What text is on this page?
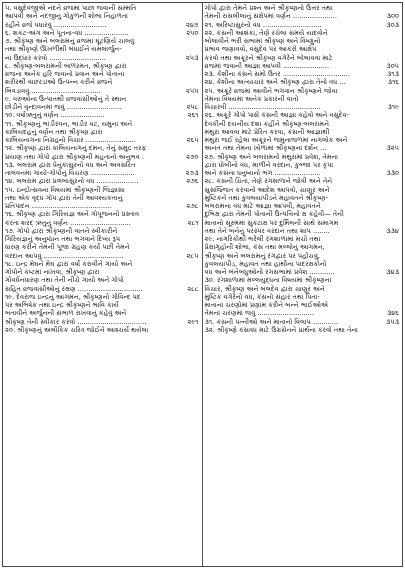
૫. વસુદેવજીએ નંદને વ્રજમાં પાછા જવાની સમ્મતિ
આપવી અને નંદજીનું ગોકુળની શોભા નિહાળતા
રહીને વ્રજે પધારવું .........................	૨૪૭
૬. શકટ-અંગ અને પૂતના-વધ .....................	૨૫૦
૭. શ્રીકૃષ્ણ અને બલરામનું વ્રજમાં ઘૂંટણિયે ચાલવું
તથા શ્રીકૃષ્ણે ઊખળીથી બંધાઈને યમલાર્જુન-
ના ઉદ્ધાર કરવો ...........................	૨૫૩
૮. શ્રીકૃષ્ણ-બલરામની બાળરમત, શ્રીકૃષ્ણ દ્વારા
વ્રજના અનેક હરિ જવાનો પ્રવાન અને પોતાના
શરીરથી વાછરડાંઓ ઉત્પન્ન કરીને વ્રજને
બિવડાવવું .................................	૨૫૫
૯. વરુઓના ઉત્પાતથી વ્રજવાસીઓનું તે સ્થાન
છોડીને વૃન્દાવનમાં જવું ..........................	૨૫૮
૧૦. વર્ષાઋતુનું વર્ણન .....................	૨૬૧
૧૧. શ્રીકૃષ્ણનું ભાંડીરવન, ભાંડીર વટ, યમુના અને
કાલિયદહનું વર્ણન તથા શ્રીકૃષ્ણ દ્વારા
કાલિયનાગના નિગ્રહનો વિચાર ........................	૨૬૫
૧૨. શ્રીકૃષ્ણ દ્વારા કાલિયનાગનું દમન, તેનું સમુદ્ર તરફ
પ્રયાણ તથા ગોપો દ્વારા શ્રીકૃષ્ણની મહતાનો અનુભવ .	૨૭૦
૧૩. બલરામ દ્વારા ધેનુકાસુરનો વધ અને અવસરિત
તાલવનમાં ગાયો-ગોપોનું વિચરણ .....................	૨૭૩
૧૪. બલરામ દ્વારા પ્રલંબાસુરનો વધ ....................	૨૭૬
૧૫. ઇન્દ્રોત્સવના વિષયમાં શ્રીકૃષ્ણની જિજ્ઞાસા
તથા એક વૃદ્ધ ગોપ દ્વારા તેની આવશ્યકતાનું
પ્રતિપાદન ......................................	૨૭૮
૧૬. શ્રીકૃષ્ણ દ્વારા ગિરિયજ્ઞ અને ગોપૂજનનો પ્રસ્તાવ
કરતા શરદ્ ઋતુનું વર્ણન .............................	૨૮૧
૧૭. ગોપો દ્વારા શ્રીકૃષ્ણની વાતને સ્વીકારીને
ગિરિયજ્ઞનું અનુષ્ઠાન તથા ભગવાને દિવ્ય રૂપ
ધારણ કરીને તેમની પૂજા ગ્રહણ કર્યા પછી તેમને
વરદાન આપવું ......................................	૨૮૫
૧૮. ઇન્દ્ર મેઘને મેઘ દ્વારા વર્ષા કરાવીને ગાયો અને
ગોપોને કષ્ટમાં નાખવા, શ્રીકૃષ્ણ દ્વારા
ગોવર્ધનધારણ તથા તેની નીચે ગાયો અને ગોપો
સહિત વ્રજવાસીઓનું રક્ષણ ...............................	૨૮૮
૧૯. દેવરાજ ઇન્દ્રનું આગમન, શ્રીકૃષ્ણનો ગોવિન્દ પદ
પર અભિષેક તથા ઇન્દ્ર શ્રીકૃષ્ણને ભાવિ કાર્ય
બતાવીને અર્જુનની સંભાળ રાખવાનું કહેવું અને
શ્રીકૃષ્ણ તેની સ્વીકાર કરવો .................................	૨૯૧
૨૦. શ્રીકૃષ્ણનું અલૌકિક ચરિત્ર જોઈને આશ્ચર્ય થયેલા
ગોપો દ્વારા તેમને પ્રશ્ન અને શ્રીકૃષ્ણનો ઉત્તર તથા
તેમની રાસલીલાનું સંક્ષેપમાં વર્ણન .....................	૩૦૦
૨૧. અરિષ્ટાસુરનો વધ ............................	૩૦૩
૨૨. કંસની આશંકા, તેણે રચેલા સમયે યાદવોને
બોલાવીને ભરી સભામાં શ્રીકૃષ્ણ અને વિષ્ણુનો
પ્રભાવ જણાવવો, વસુદેવ પર આકરો આક્ષેપ
કરવો તથા અક્રૂરને શ્રીકૃષ્ણ વગેરેને બોલાવવા માટે
વ્રજમાં જવાની આજ્ઞા આપવી ......................	૩૦૫
૨૩. કેશીના કંસને સમો ઉતર ................................	૩૧૩
૨૪. કેશીના અત્યાચાર અને શ્રીકૃષ્ણ દ્વારા તેનો વધ ...	૩૧૬
૨૫. અક્રૂરે વ્રજમાં આવીને ભગવાન શ્રીકૃષ્ણને જોવા
તેમના વિષયમાં અનેક પ્રકારની વાતો
વિચારવી ............................................	૩૧૯
૨૬. અક્રૂરે ગોપો પાસે કંસની આજ્ઞા કહેવો અને વસુદેવ-
દેવકીની દયનીય દશા કહીને શ્રીકૃષ્ણ-બલરામને
મથુરા આવવા માટે પ્રેરિત કરવા, કંસની આજ્ઞાથી
મથુરા જઈ રહેલા અક્રૂરને જમુનાજળમાં નાગલોક અને
અનંત તથા તેમના ખોળામાં શ્રીકૃષ્ણનાં દર્શન ...	૩૨૫
૨૭. શ્રીકૃષ્ણ અને બલરામનો મથુરામાં પ્રવેશ, તેમના
દ્વારા ધોબીનો વધ, માળીને વરદાન, કુબ્જા પર કૃપા
અને કંસના ધનુષ્યનો ભંગ ......................	૩૩૦
૨૮. કંસની ચિંતા, તેણે રંગશાળાને જોવી અને તેને
સુસજ્જિત કરવાનો આદેશ આપવો, ચાણૂર અને
મુષ્ટિકને તથા કુવલયાપીડને મહાવતને શ્રીકૃષ્ણ-
બલરામના વધ માટે આજ્ઞા આપવી, મહાવતને
દુભિક્ષ દ્વારા તેમની પોતાની ઉત્પત્તિનો ક્ષ કહેવી— તેની
માતાનો સૂક્ષ્મમાં સુકટાક્ષ પર દુર્મિલની સાથે સમાગમ
તથા તેને બનેનું પરસ્પર વરદાન તથા શાપ ........	૩૩૪
૨૯. નાગરિકોથી ભરેલી રંગશાળામાં મંચો તથા
પ્રેક્ષાગૃહોની શોભા, કંસ તથા મલ્લોનું આગમન,
શ્રીકૃષ્ણ અને બલરામનું રંગદ્વાર પર પહોંચવું,
કુવલયાપીડ, મહાવત તથા હાથીના પાદરક્ષકોનો
વધ અને બંનેબંધુઓનો રંગસભામાં પ્રવેશ ............	૩૪૩
૩૦. રંગશાળામાં મલ્લયુદ્ધના વિષયમાં શ્રીકૃષ્ણના
વિચાર, શ્રીકૃષ્ણ અને બલદેવ દ્વારા ચાણૂર અને
મુષ્ટિક વગેરેનો વધ, કંસનો સંહાર તથા પિતા-
માતાનાં ચરણોમાં પ્રણામ કરીને બન્ને ભાઈઓએ
તેમનાં ચરણમાં જવું ...........................	૩૪૬
૩૧. કંસની પત્નીઓ અને માતાનો વિલાપ ............	૩૫૩
૩૨. શ્રીકૃષ્ણે કંસવધ માટે ઉગ્રસેનને પ્રાર્થના કરવો તથા તેના
